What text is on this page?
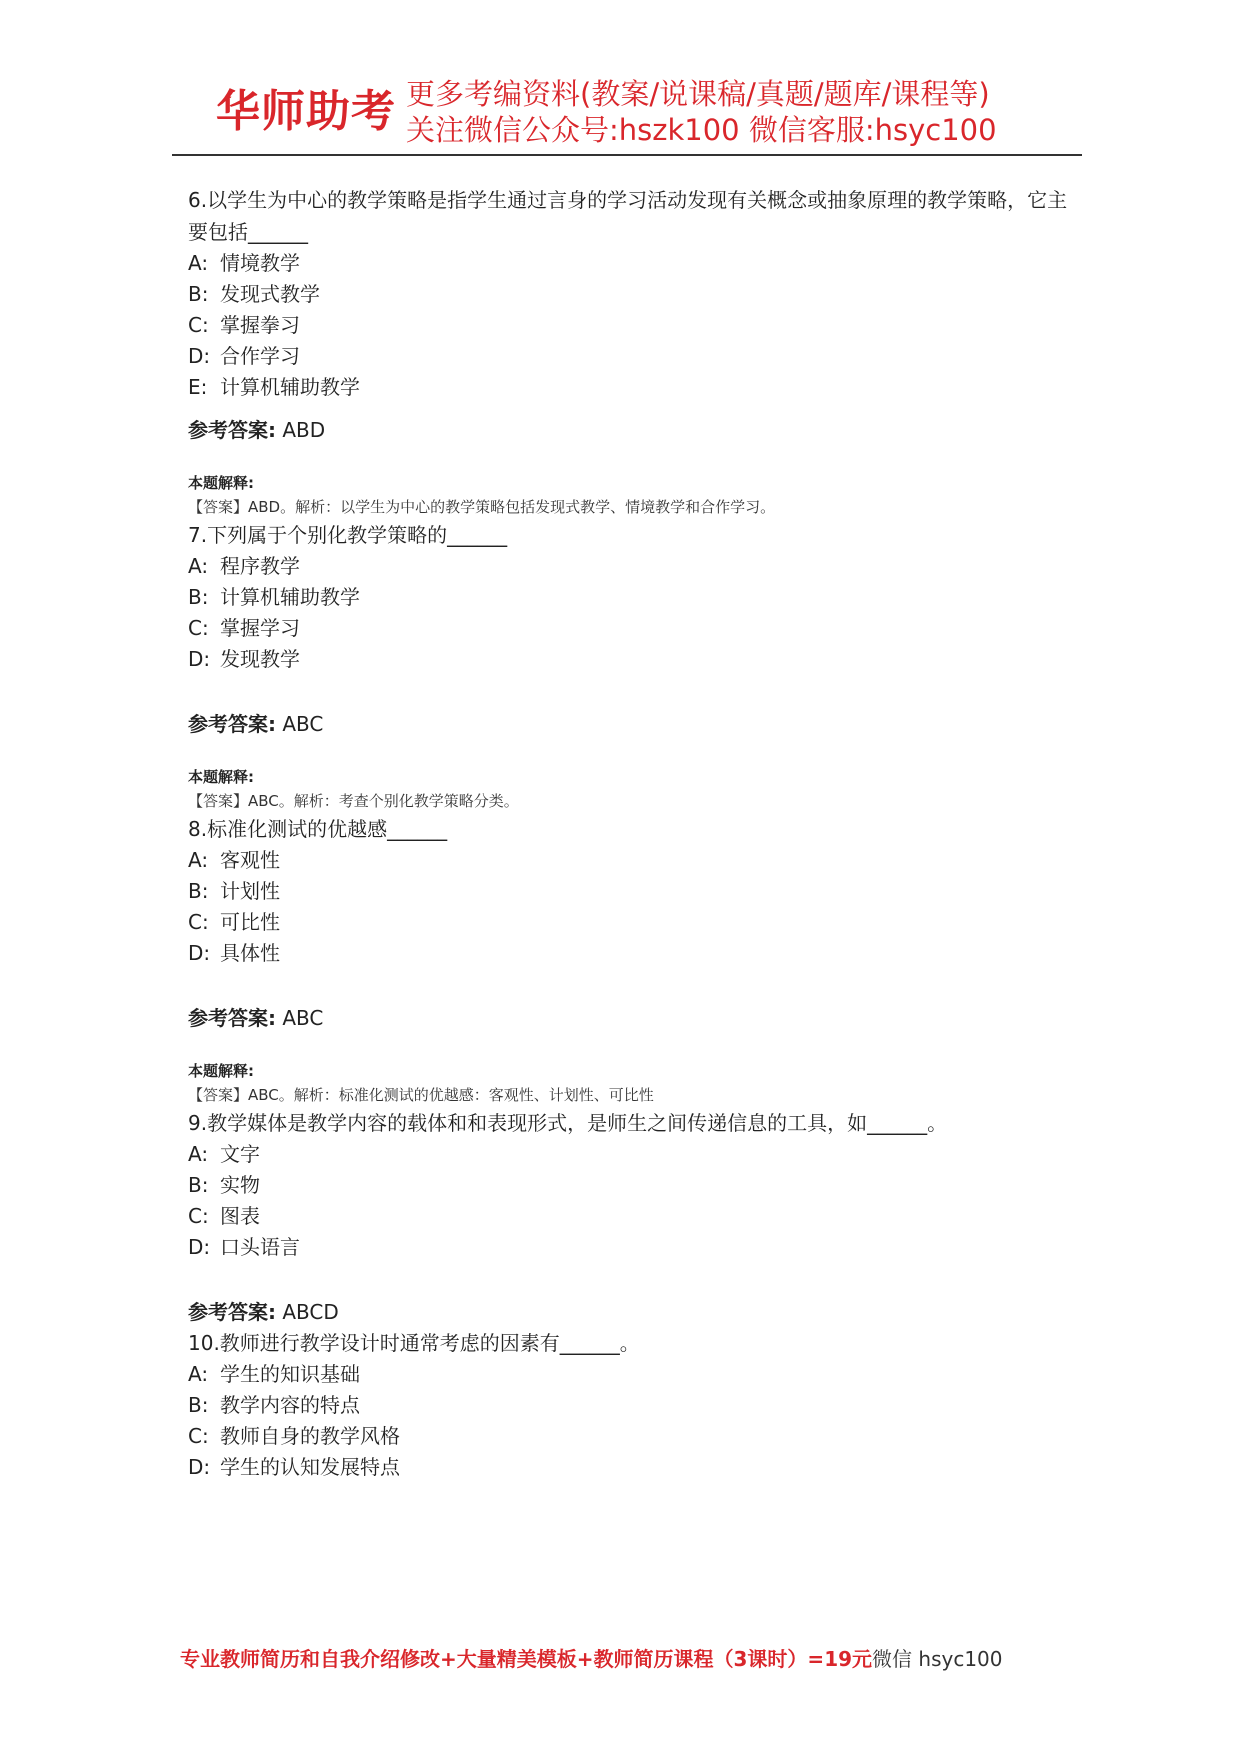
华师助考 更多考编资料(教案/说课稿/真题/题库/课程等)
关注微信公众号:hszk100 微信客服:hsyc100

6.以学生为中心的教学策略是指学生通过言身的学习活动发现有关概念或抽象原理的教学策略，它主要包括______

A: 情境教学

B: 发现式教学

C: 掌握拳习

D: 合作学习

E: 计算机辅助教学

参考答案: ABD

本题解释:

【答案】ABD。解析：以学生为中心的教学策略包括发现式教学、情境教学和合作学习。

7.下列属于个别化教学策略的______

A: 程序教学

B: 计算机辅助教学

C: 掌握学习

D: 发现教学

参考答案: ABC

本题解释:

【答案】ABC。解析：考查个别化教学策略分类。

8.标准化测试的优越感______

A: 客观性

B: 计划性

C: 可比性

D: 具体性

参考答案: ABC

本题解释:

【答案】ABC。解析：标准化测试的优越感：客观性、计划性、可比性

9.教学媒体是教学内容的载体和和表现形式，是师生之间传递信息的工具，如______。

A: 文字

B: 实物

C: 图表

D: 口头语言

参考答案: ABCD

10.教师进行教学设计时通常考虑的因素有______。

A: 学生的知识基础

B: 教学内容的特点

C: 教师自身的教学风格

D: 学生的认知发展特点

专业教师简历和自我介绍修改+大量精美模板+教师简历课程（3课时）=19元微信 hsyc100
